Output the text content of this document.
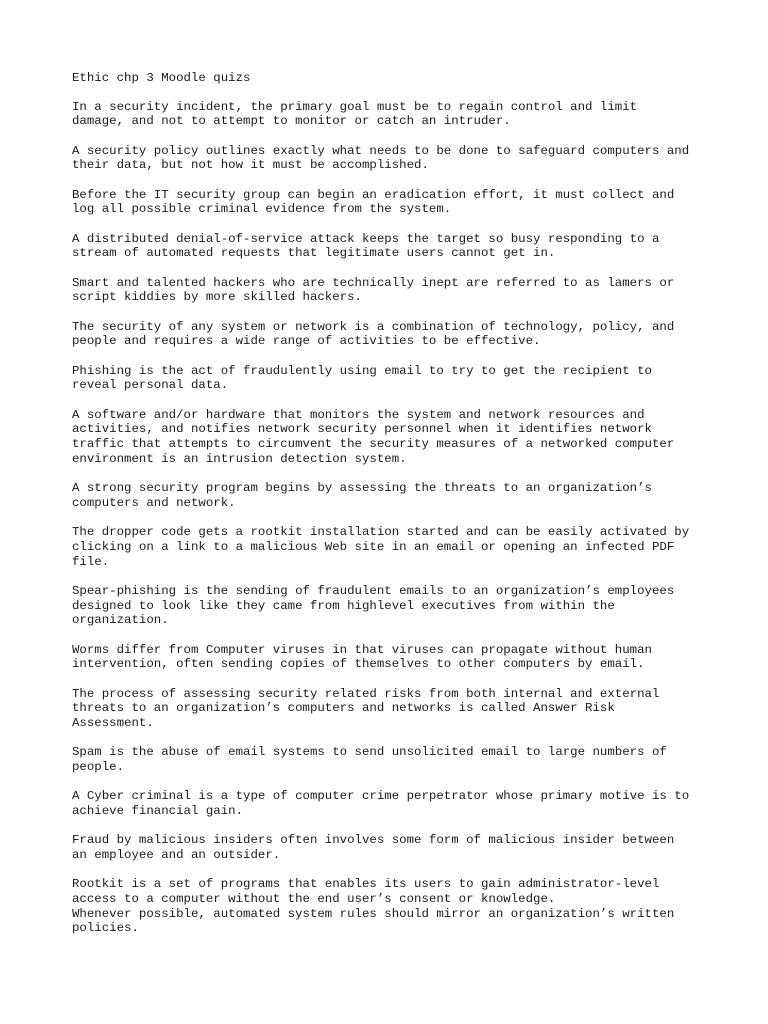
Ethic chp 3 Moodle quizs
In a security incident, the primary goal must be to regain control and limit
damage, and not to attempt to monitor or catch an intruder.
A security policy outlines exactly what needs to be done to safeguard computers and
their data, but not how it must be accomplished.
Before the IT security group can begin an eradication effort, it must collect and
log all possible criminal evidence from the system.
A distributed denial-of-service attack keeps the target so busy responding to a
stream of automated requests that legitimate users cannot get in.
Smart and talented hackers who are technically inept are referred to as lamers or
script kiddies by more skilled hackers.
The security of any system or network is a combination of technology, policy, and
people and requires a wide range of activities to be effective.
Phishing is the act of fraudulently using email to try to get the recipient to
reveal personal data.
A software and/or hardware that monitors the system and network resources and
activities, and notifies network security personnel when it identifies network
traffic that attempts to circumvent the security measures of a networked computer
environment is an intrusion detection system.
A strong security program begins by assessing the threats to an organization’s
computers and network.
The dropper code gets a rootkit installation started and can be easily activated by
clicking on a link to a malicious Web site in an email or opening an infected PDF
file.
Spear-phishing is the sending of fraudulent emails to an organization’s employees
designed to look like they came from highlevel executives from within the
organization.
Worms differ from Computer viruses in that viruses can propagate without human
intervention, often sending copies of themselves to other computers by email.
The process of assessing security related risks from both internal and external
threats to an organization’s computers and networks is called Answer Risk
Assessment.
Spam is the abuse of email systems to send unsolicited email to large numbers of
people.
A Cyber criminal is a type of computer crime perpetrator whose primary motive is to
achieve financial gain.
Fraud by malicious insiders often involves some form of malicious insider between
an employee and an outsider.
Rootkit is a set of programs that enables its users to gain administrator-level
access to a computer without the end user’s consent or knowledge.
Whenever possible, automated system rules should mirror an organization’s written
policies.
